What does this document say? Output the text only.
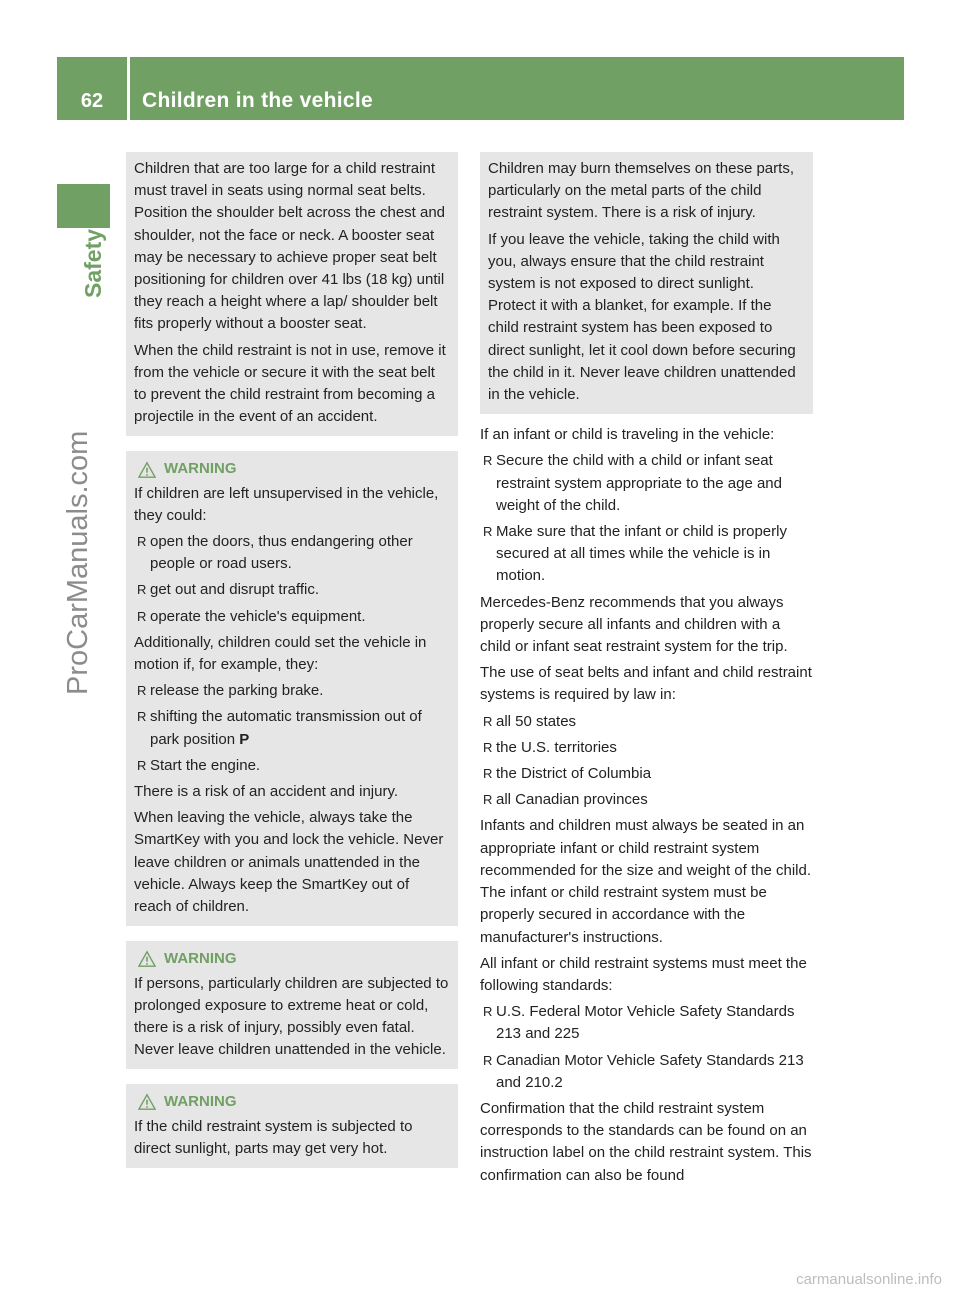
62	Children in the vehicle
Safety
ProCarManuals.com

Children that are too large for a child restraint must travel in seats using normal seat belts. Position the shoulder belt across the chest and shoulder, not the face or neck. A booster seat may be necessary to achieve proper seat belt positioning for children over 41 lbs (18 kg) until they reach a height where a lap/ shoulder belt fits properly without a booster seat.

When the child restraint is not in use, remove it from the vehicle or secure it with the seat belt to prevent the child restraint from becoming a projectile in the event of an accident.

WARNING

If children are left unsupervised in the vehicle, they could:

R open the doors, thus endangering other people or road users.
R get out and disrupt traffic.
R operate the vehicle's equipment.

Additionally, children could set the vehicle in motion if, for example, they:

R release the parking brake.
R shifting the automatic transmission out of park position P
R Start the engine.

There is a risk of an accident and injury.

When leaving the vehicle, always take the SmartKey with you and lock the vehicle. Never leave children or animals unattended in the vehicle. Always keep the SmartKey out of reach of children.

WARNING

If persons, particularly children are subjected to prolonged exposure to extreme heat or cold, there is a risk of injury, possibly even fatal. Never leave children unattended in the vehicle.

WARNING

If the child restraint system is subjected to direct sunlight, parts may get very hot.

Children may burn themselves on these parts, particularly on the metal parts of the child restraint system. There is a risk of injury.

If you leave the vehicle, taking the child with you, always ensure that the child restraint system is not exposed to direct sunlight. Protect it with a blanket, for example. If the child restraint system has been exposed to direct sunlight, let it cool down before securing the child in it. Never leave children unattended in the vehicle.

If an infant or child is traveling in the vehicle:

R Secure the child with a child or infant seat restraint system appropriate to the age and weight of the child.
R Make sure that the infant or child is properly secured at all times while the vehicle is in motion.

Mercedes-Benz recommends that you always properly secure all infants and children with a child or infant seat restraint system for the trip.

The use of seat belts and infant and child restraint systems is required by law in:

R all 50 states
R the U.S. territories
R the District of Columbia
R all Canadian provinces

Infants and children must always be seated in an appropriate infant or child restraint system recommended for the size and weight of the child. The infant or child restraint system must be properly secured in accordance with the manufacturer's instructions.

All infant or child restraint systems must meet the following standards:

R U.S. Federal Motor Vehicle Safety Standards 213 and 225
R Canadian Motor Vehicle Safety Standards 213 and 210.2

Confirmation that the child restraint system corresponds to the standards can be found on an instruction label on the child restraint system. This confirmation can also be found

carmanualsonline.info
